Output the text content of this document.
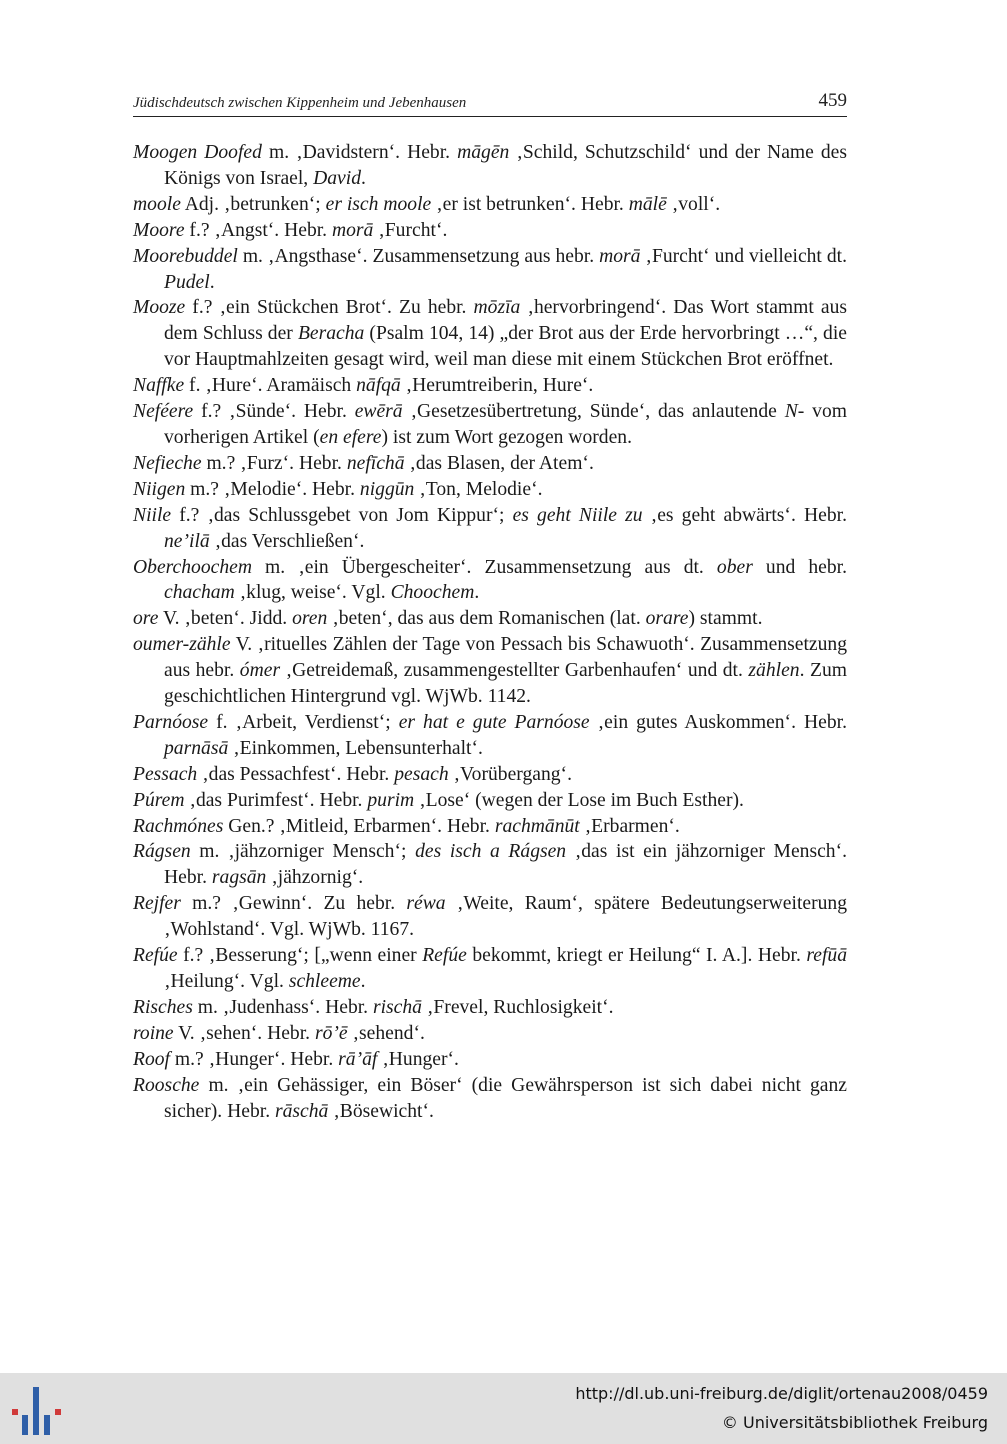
Jüdischdeutsch zwischen Kippenheim und Jebenhausen	459

Moogen Doofed m. ‚Davidstern‘. Hebr. māgēn ‚Schild, Schutzschild‘ und der Name des Königs von Israel, David.

moole Adj. ‚betrunken‘; er isch moole ‚er ist betrunken‘. Hebr. mālē ‚voll‘.

Moore f.? ‚Angst‘. Hebr. morā ‚Furcht‘.

Moorebuddel m. ‚Angsthase‘. Zusammensetzung aus hebr. morā ‚Furcht‘ und vielleicht dt. Pudel.

Mooze f.? ‚ein Stückchen Brot‘. Zu hebr. mōzīa ‚hervorbringend‘. Das Wort stammt aus dem Schluss der Beracha (Psalm 104, 14) „der Brot aus der Erde hervorbringt …“, die vor Hauptmahlzeiten gesagt wird, weil man diese mit einem Stückchen Brot eröffnet.

Naffke f. ‚Hure‘. Aramäisch nāfqā ‚Herumtreiberin, Hure‘.

Neféere f.? ‚Sünde‘. Hebr. ewērā ‚Gesetzesübertretung, Sünde‘, das anlautende N- vom vorherigen Artikel (en efere) ist zum Wort gezogen worden.

Nefieche m.? ‚Furz‘. Hebr. nefīchā ‚das Blasen, der Atem‘.

Niigen m.? ‚Melodie‘. Hebr. niggūn ‚Ton, Melodie‘.

Niile f.? ‚das Schlussgebet von Jom Kippur‘; es geht Niile zu ‚es geht abwärts‘. Hebr. ne’ilā ‚das Verschließen‘.

Oberchoochem m. ‚ein Übergescheiter‘. Zusammensetzung aus dt. ober und hebr. chacham ‚klug, weise‘. Vgl. Choochem.

ore V. ‚beten‘. Jidd. oren ‚beten‘, das aus dem Romanischen (lat. orare) stammt.

oumer-zähle V. ‚rituelles Zählen der Tage von Pessach bis Schawuoth‘. Zusammensetzung aus hebr. ómer ‚Getreidemaß, zusammengestellter Garbenhaufen‘ und dt. zählen. Zum geschichtlichen Hintergrund vgl. WjWb. 1142.

Parnóose f. ‚Arbeit, Verdienst‘; er hat e gute Parnóose ‚ein gutes Auskommen‘. Hebr. parnāsā ‚Einkommen, Lebensunterhalt‘.

Pessach ‚das Pessachfest‘. Hebr. pesach ‚Vorübergang‘.

Púrem ‚das Purimfest‘. Hebr. purim ‚Lose‘ (wegen der Lose im Buch Esther).

Rachmónes Gen.? ‚Mitleid, Erbarmen‘. Hebr. rachmānūt ‚Erbarmen‘.

Rágsen m. ‚jähzorniger Mensch‘; des isch a Rágsen ‚das ist ein jähzorniger Mensch‘. Hebr. ragsān ‚jähzornig‘.

Rejfer m.? ‚Gewinn‘. Zu hebr. réwa ‚Weite, Raum‘, spätere Bedeutungserweiterung ‚Wohlstand‘. Vgl. WjWb. 1167.

Refúe f.? ‚Besserung‘; [„wenn einer Refúe bekommt, kriegt er Heilung“ I. A.]. Hebr. refūā ‚Heilung‘. Vgl. schleeme.

Risches m. ‚Judenhass‘. Hebr. rischā ‚Frevel, Ruchlosigkeit‘.

roine V. ‚sehen‘. Hebr. rō’ē ‚sehend‘.

Roof m.? ‚Hunger‘. Hebr. rā’āf ‚Hunger‘.

Roosche m. ‚ein Gehässiger, ein Böser‘ (die Gewährsperson ist sich dabei nicht ganz sicher). Hebr. rāschā ‚Bösewicht‘.

http://dl.ub.uni-freiburg.de/diglit/ortenau2008/0459
© Universitätsbibliothek Freiburg
